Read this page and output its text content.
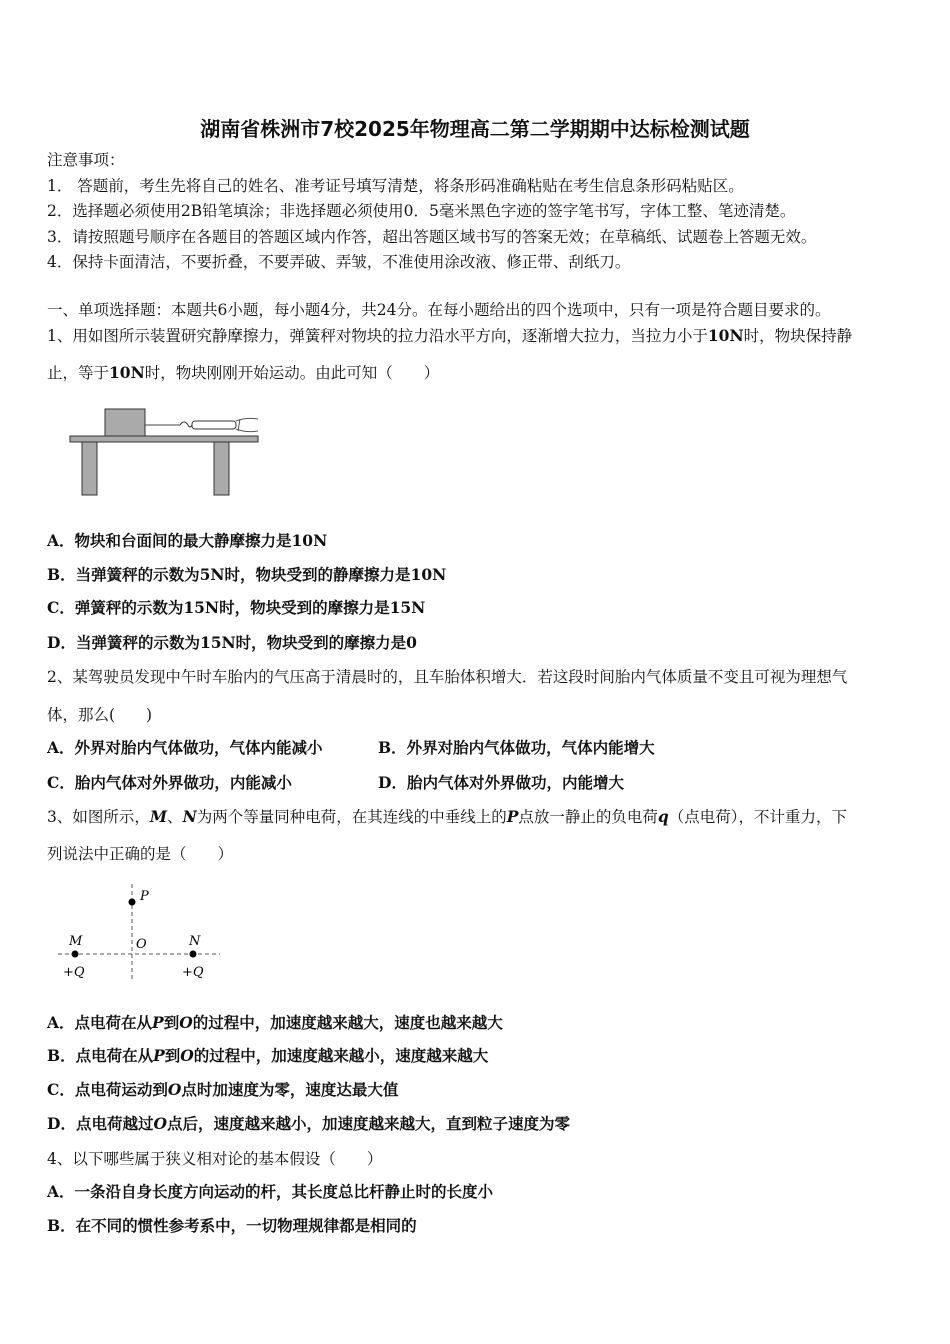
湖南省株洲市7校2025年物理高二第二学期期中达标检测试题
注意事项：
1． 答题前，考生先将自己的姓名、准考证号填写清楚，将条形码准确粘贴在考生信息条形码粘贴区。
2．选择题必须使用2B铅笔填涂；非选择题必须使用0．5毫米黑色字迹的签字笔书写，字体工整、笔迹清楚。
3．请按照题号顺序在各题目的答题区域内作答，超出答题区域书写的答案无效；在草稿纸、试题卷上答题无效。
4．保持卡面清洁，不要折叠，不要弄破、弄皱，不准使用涂改液、修正带、刮纸刀。
一、单项选择题：本题共6小题，每小题4分，共24分。在每小题给出的四个选项中，只有一项是符合题目要求的。
1、用如图所示装置研究静摩擦力，弹簧秤对物块的拉力沿水平方向，逐渐增大拉力，当拉力小于10N时，物块保持静
止，等于10N时，物块刚刚开始运动。由此可知（　　）
A．物块和台面间的最大静摩擦力是10N
B．当弹簧秤的示数为5N时，物块受到的静摩擦力是10N
C．弹簧秤的示数为15N时，物块受到的摩擦力是15N
D．当弹簧秤的示数为15N时，物块受到的摩擦力是0
2、某驾驶员发现中午时车胎内的气压高于清晨时的，且车胎体积增大．若这段时间胎内气体质量不变且可视为理想气
体，那么(　　)
A．外界对胎内气体做功，气体内能减小	B．外界对胎内气体做功，气体内能增大
C．胎内气体对外界做功，内能减小	D．胎内气体对外界做功，内能增大
3、如图所示，M、N为两个等量同种电荷，在其连线的中垂线上的P点放一静止的负电荷q（点电荷），不计重力，下
列说法中正确的是（　　）
P
O
M	N
+Q	+Q
A．点电荷在从P到O的过程中，加速度越来越大，速度也越来越大
B．点电荷在从P到O的过程中，加速度越来越小，速度越来越大
C．点电荷运动到O点时加速度为零，速度达最大值
D．点电荷越过O点后，速度越来越小，加速度越来越大，直到粒子速度为零
4、以下哪些属于狭义相对论的基本假设（　　）
A．一条沿自身长度方向运动的杆，其长度总比杆静止时的长度小
B．在不同的惯性参考系中，一切物理规律都是相同的
